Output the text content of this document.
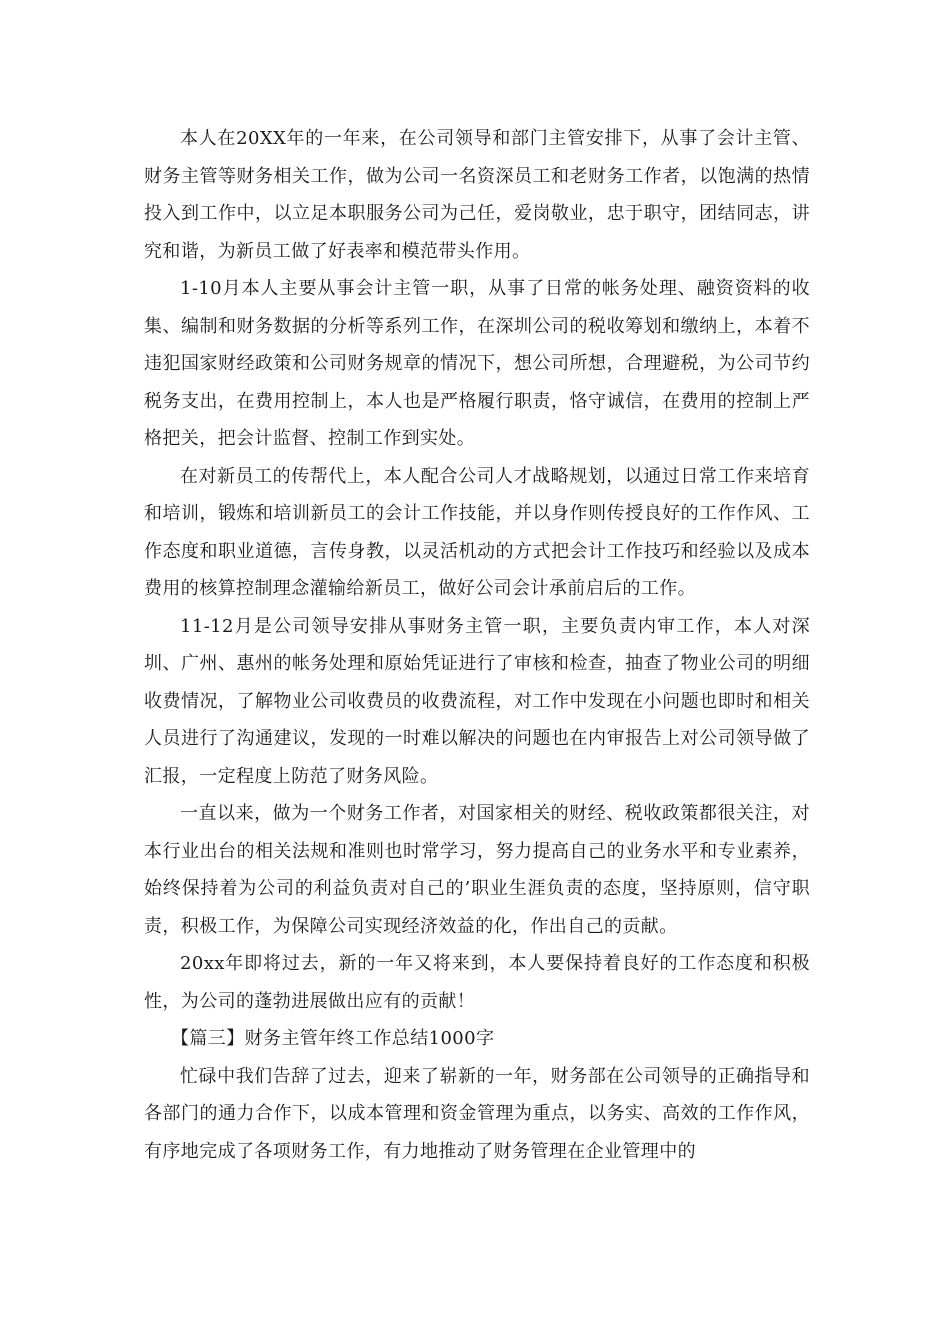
本人在20XX年的一年来，在公司领导和部门主管安排下，从事了会计主管、财务主管等财务相关工作，做为公司一名资深员工和老财务工作者，以饱满的热情投入到工作中，以立足本职服务公司为己任，爱岗敬业，忠于职守，团结同志，讲究和谐，为新员工做了好表率和模范带头作用。

1-10月本人主要从事会计主管一职，从事了日常的帐务处理、融资资料的收集、编制和财务数据的分析等系列工作，在深圳公司的税收筹划和缴纳上，本着不违犯国家财经政策和公司财务规章的情况下，想公司所想，合理避税，为公司节约税务支出，在费用控制上，本人也是严格履行职责，恪守诚信，在费用的控制上严格把关，把会计监督、控制工作到实处。

在对新员工的传帮代上，本人配合公司人才战略规划，以通过日常工作来培育和培训，锻炼和培训新员工的会计工作技能，并以身作则传授良好的工作作风、工作态度和职业道德，言传身教，以灵活机动的方式把会计工作技巧和经验以及成本费用的核算控制理念灌输给新员工，做好公司会计承前启后的工作。

11-12月是公司领导安排从事财务主管一职，主要负责内审工作，本人对深圳、广州、惠州的帐务处理和原始凭证进行了审核和检查，抽查了物业公司的明细收费情况，了解物业公司收费员的收费流程，对工作中发现在小问题也即时和相关人员进行了沟通建议，发现的一时难以解决的问题也在内审报告上对公司领导做了汇报，一定程度上防范了财务风险。

一直以来，做为一个财务工作者，对国家相关的财经、税收政策都很关注，对本行业出台的相关法规和准则也时常学习，努力提高自己的业务水平和专业素养，始终保持着为公司的利益负责对自己的’职业生涯负责的态度，坚持原则，信守职责，积极工作，为保障公司实现经济效益的化，作出自己的贡献。

20xx年即将过去，新的一年又将来到，本人要保持着良好的工作态度和积极性，为公司的蓬勃进展做出应有的贡献！

【篇三】财务主管年终工作总结1000字

忙碌中我们告辞了过去，迎来了崭新的一年，财务部在公司领导的正确指导和各部门的通力合作下，以成本管理和资金管理为重点，以务实、高效的工作作风，有序地完成了各项财务工作，有力地推动了财务管理在企业管理中的
